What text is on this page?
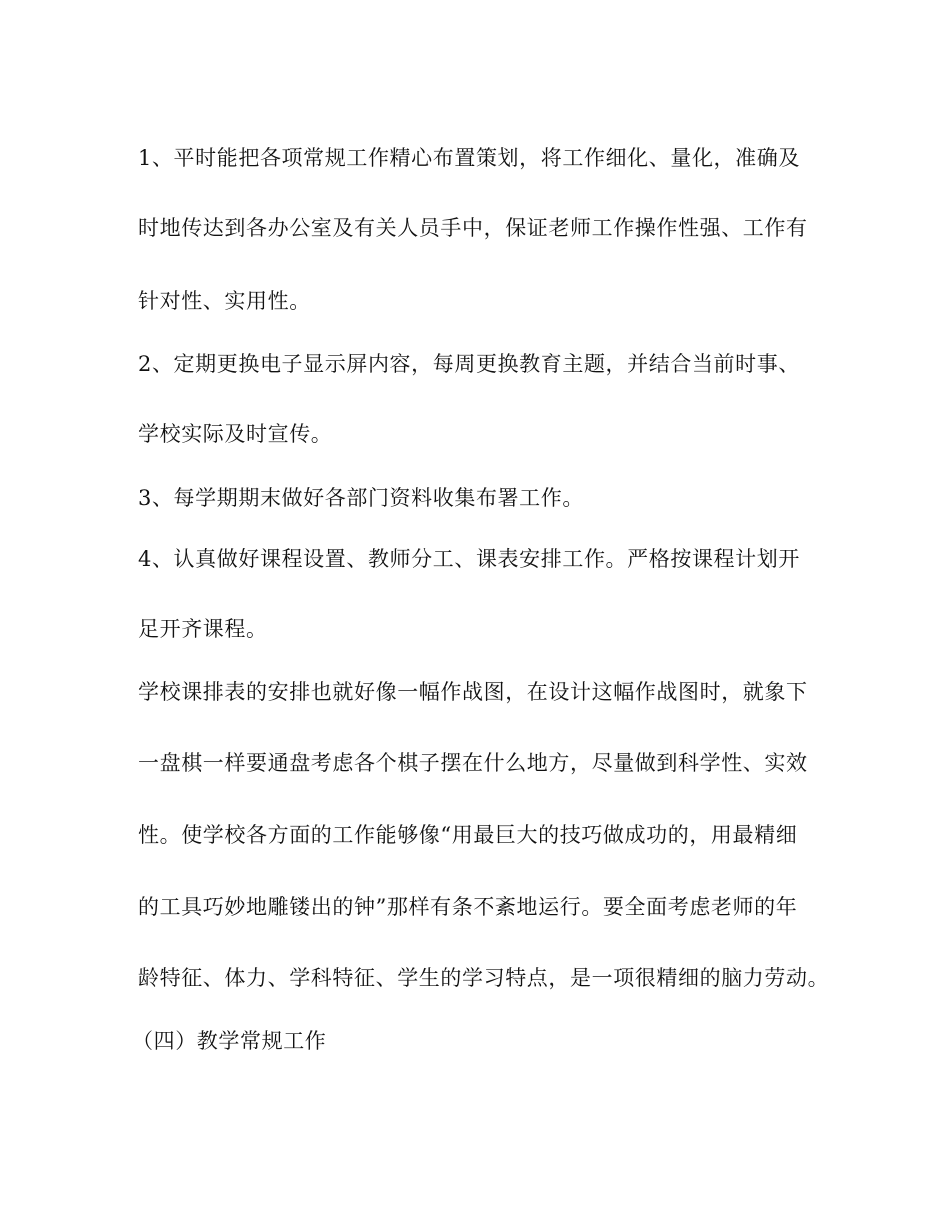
1、平时能把各项常规工作精心布置策划，将工作细化、量化，准确及
时地传达到各办公室及有关人员手中，保证老师工作操作性强、工作有
针对性、实用性。
2、定期更换电子显示屏内容，每周更换教育主题，并结合当前时事、
学校实际及时宣传。
3、每学期期末做好各部门资料收集布署工作。
4、认真做好课程设置、教师分工、课表安排工作。严格按课程计划开
足开齐课程。
学校课排表的安排也就好像一幅作战图，在设计这幅作战图时，就象下
一盘棋一样要通盘考虑各个棋子摆在什么地方，尽量做到科学性、实效
性。使学校各方面的工作能够像“用最巨大的技巧做成功的，用最精细
的工具巧妙地雕镂出的钟”那样有条不紊地运行。要全面考虑老师的年
龄特征、体力、学科特征、学生的学习特点，是一项很精细的脑力劳动。
（四）教学常规工作
